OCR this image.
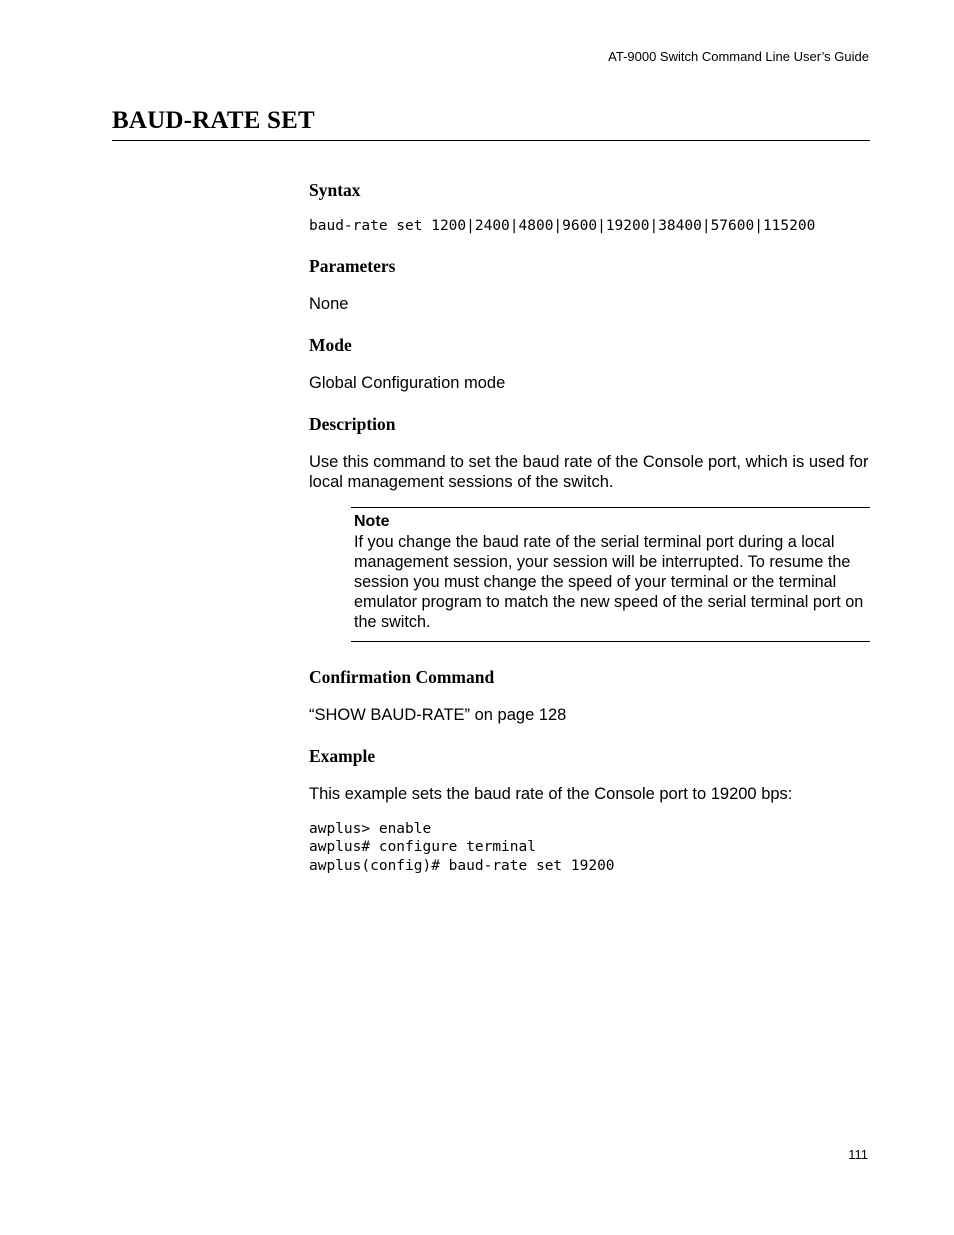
AT-9000 Switch Command Line User’s Guide
BAUD-RATE SET
Syntax
baud-rate set 1200|2400|4800|9600|19200|38400|57600|115200
Parameters

None

Mode

Global Configuration mode

Description

Use this command to set the baud rate of the Console port, which is used for local management sessions of the switch.

Note
If you change the baud rate of the serial terminal port during a local management session, your session will be interrupted. To resume the session you must change the speed of your terminal or the terminal emulator program to match the new speed of the serial terminal port on the switch.
Confirmation Command

“SHOW BAUD-RATE” on page 128

Example

This example sets the baud rate of the Console port to 19200 bps:

awplus> enable
awplus# configure terminal
awplus(config)# baud-rate set 19200
111
